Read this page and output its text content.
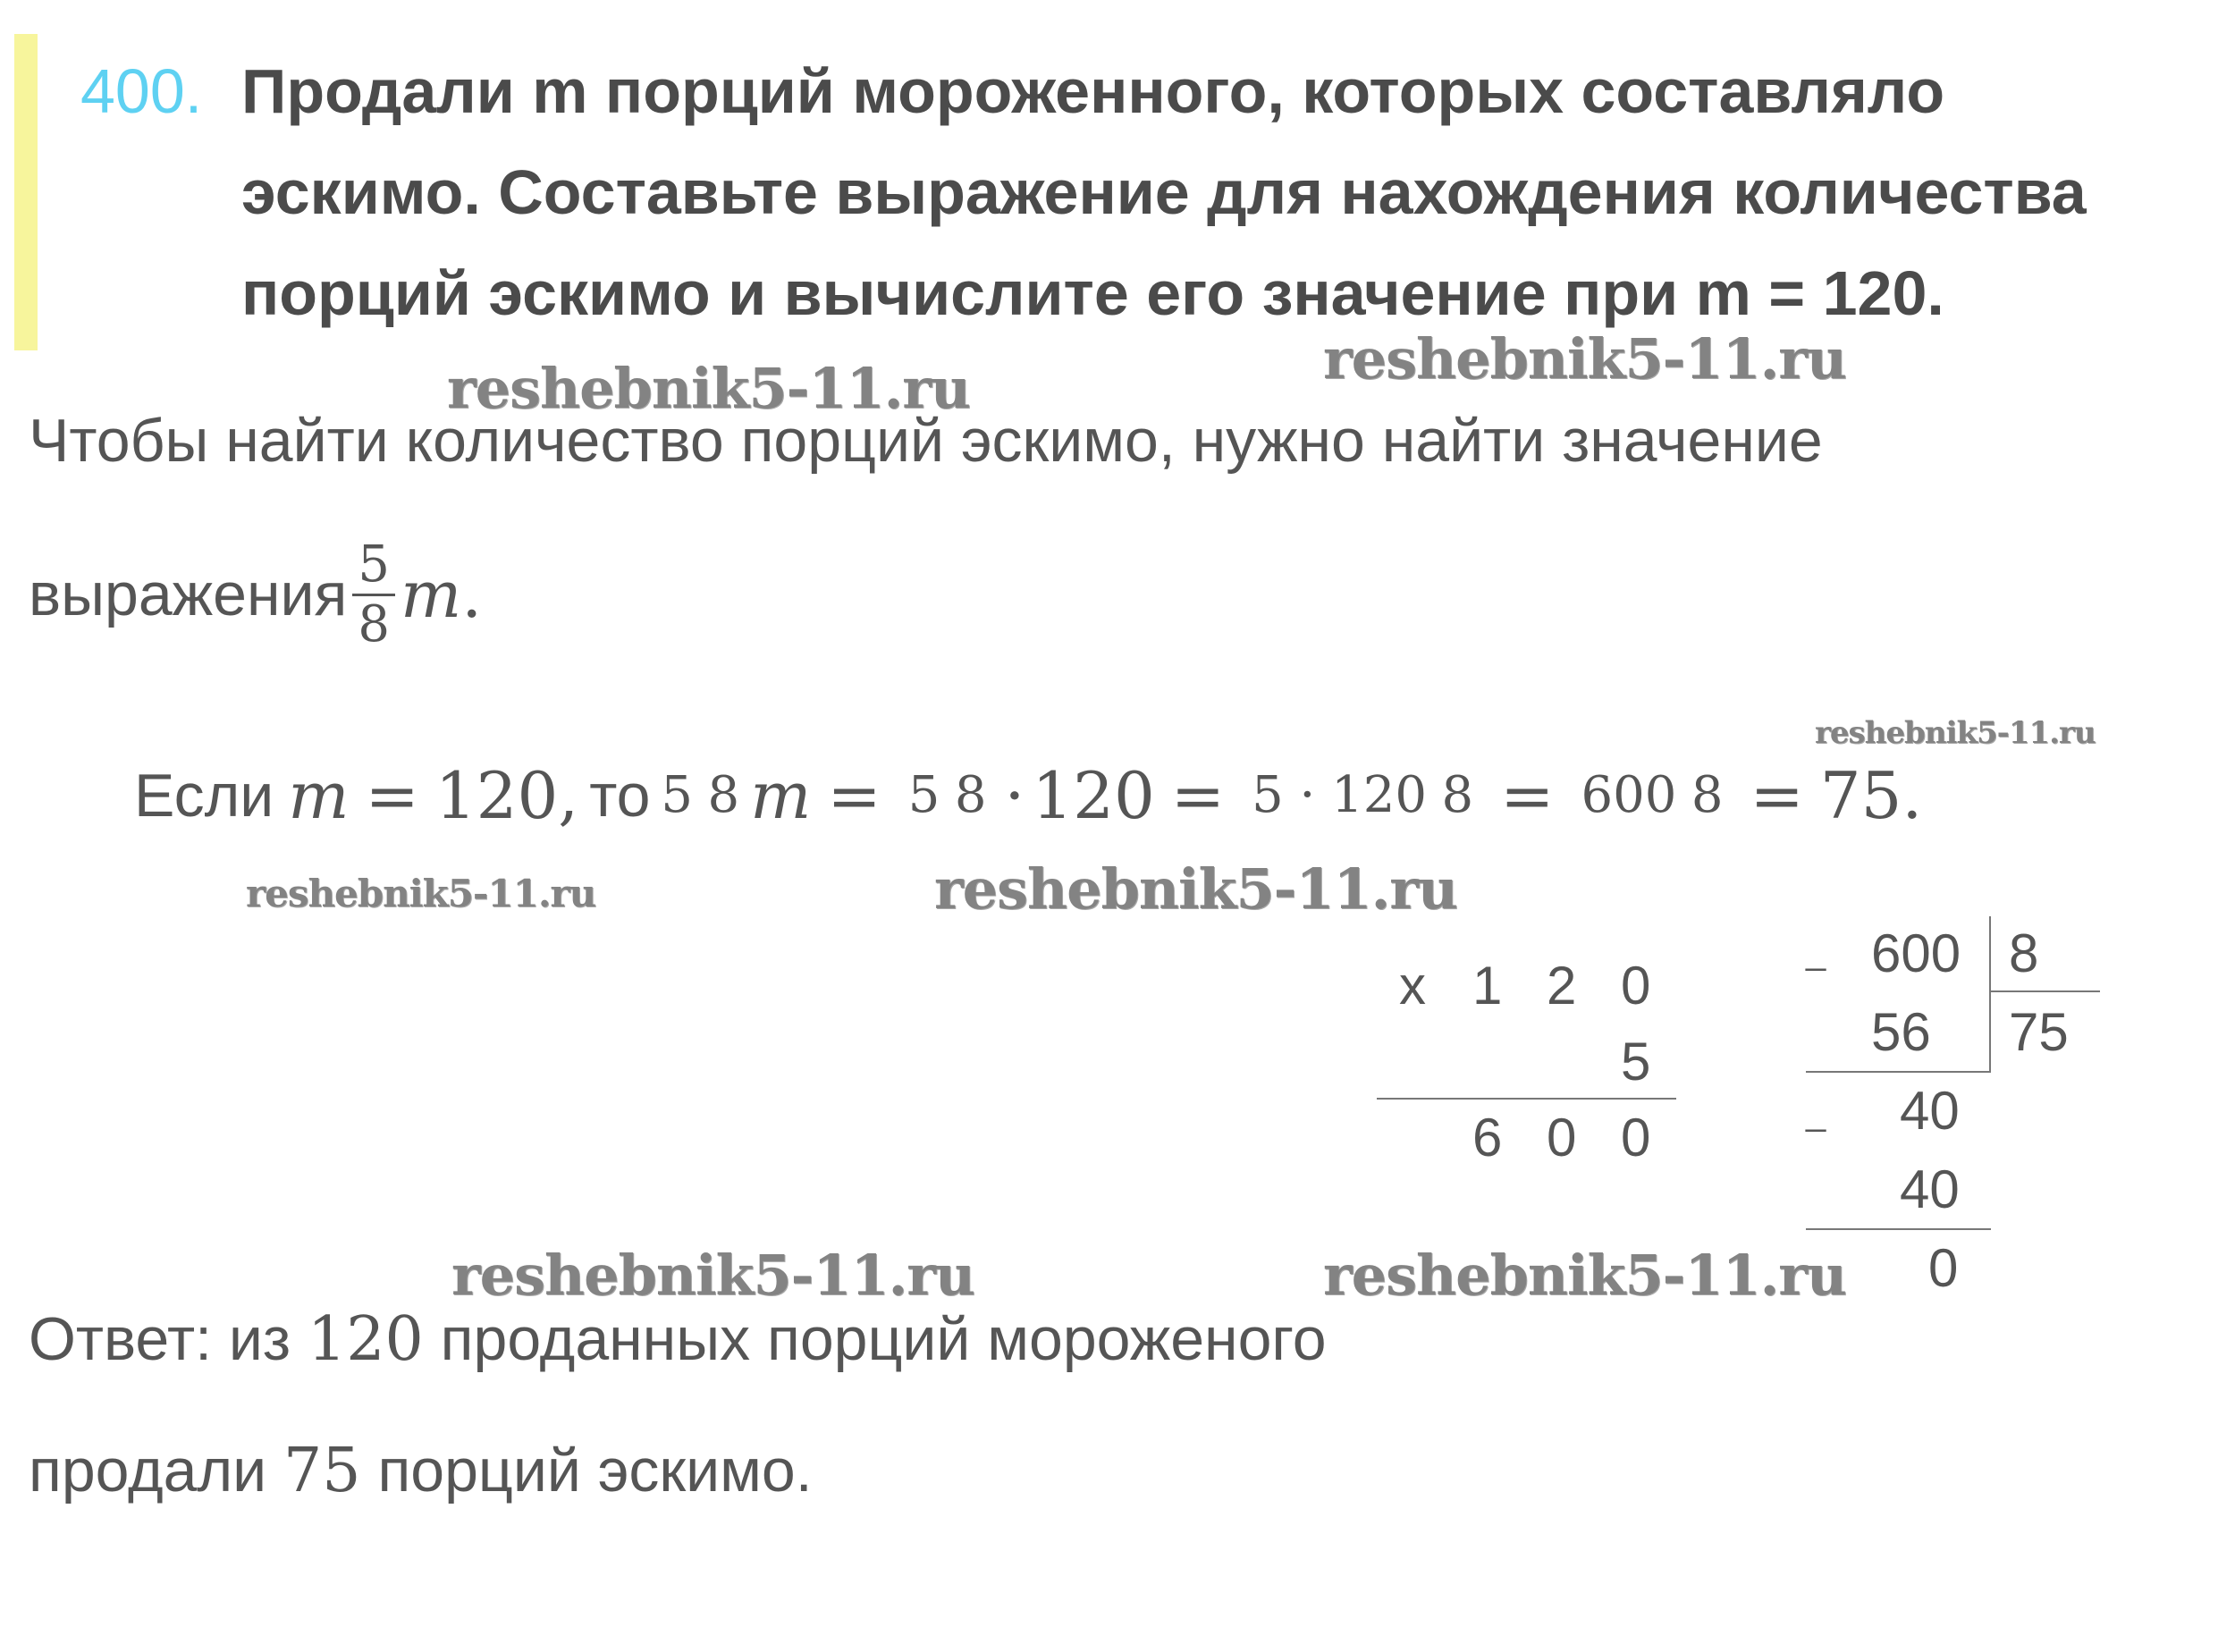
400. Продали m порций мороженного, которых составляло
эскимо. Составьте выражение для нахождения количества
порций эскимо и вычислите его значение при m = 120.
reshebnik5-11.ru	reshebnik5-11.ru
reshebnik5-11.ru
reshebnik5-11.ru	reshebnik5-11.ru
reshebnik5-11.ru	reshebnik5-11.ru
Чтобы найти количество порций эскимо, нужно найти значение
выражения $\frac{5}{8}$ m .
Если m = 120, то 5 8 m = 5 8 · 120 = 5 · 120 8 = 600 8 = 75.
x 1 2 0
5
6 0 0
_ 600 8
56 75
_ 40
40
0
Ответ: из 120 проданных порций мороженого
продали 75 порций эскимо.
